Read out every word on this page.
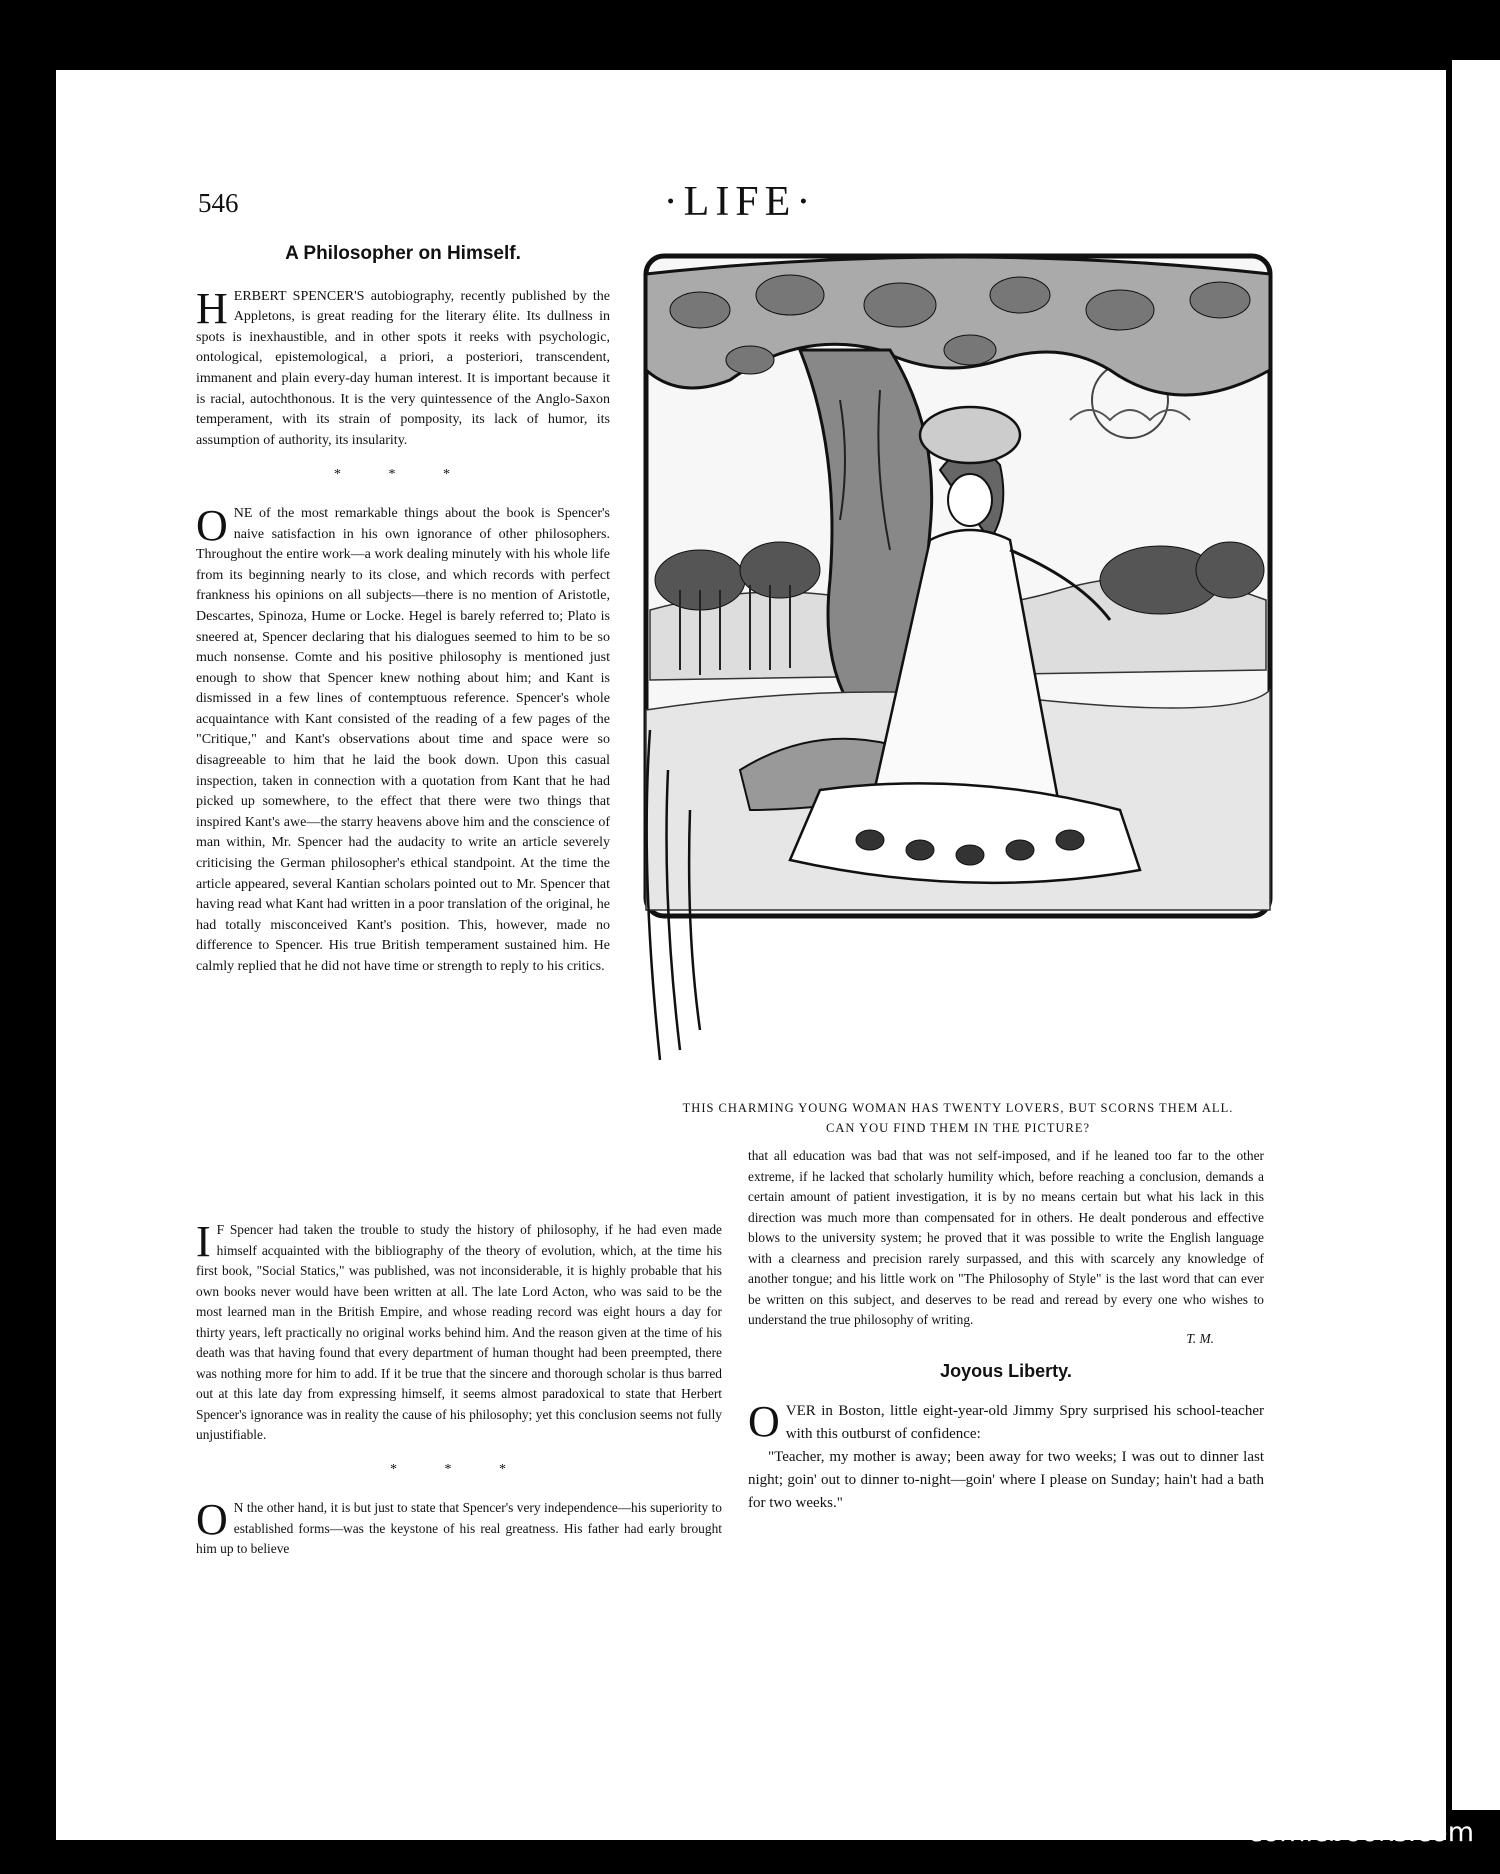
546	·LIFE·
A Philosopher on Himself.

HERBERT SPENCER'S autobiography, recently published by the Appletons, is great reading for the literary élite. Its dullness in spots is inexhaustible, and in other spots it reeks with psychologic, ontological, epistemological, a priori, a posteriori, transcendent, immanent and plain every-day human interest. It is important because it is racial, autochthonous. It is the very quintessence of the Anglo-Saxon temperament, with its strain of pomposity, its lack of humor, its assumption of authority, its insularity.

* * *

ONE of the most remarkable things about the book is Spencer's naive satisfaction in his own ignorance of other philosophers. Throughout the entire work—a work dealing minutely with his whole life from its beginning nearly to its close, and which records with perfect frankness his opinions on all subjects—there is no mention of Aristotle, Descartes, Spinoza, Hume or Locke. Hegel is barely referred to; Plato is sneered at, Spencer declaring that his dialogues seemed to him to be so much nonsense. Comte and his positive philosophy is mentioned just enough to show that Spencer knew nothing about him; and Kant is dismissed in a few lines of contemptuous reference. Spencer's whole acquaintance with Kant consisted of the reading of a few pages of the "Critique," and Kant's observations about time and space were so disagreeable to him that he laid the book down. Upon this casual inspection, taken in connection with a quotation from Kant that he had picked up somewhere, to the effect that there were two things that inspired Kant's awe—the starry heavens above him and the conscience of man within, Mr. Spencer had the audacity to write an article severely criticising the German philosopher's ethical standpoint. At the time the article appeared, several Kantian scholars pointed out to Mr. Spencer that having read what Kant had written in a poor translation of the original, he had totally misconceived Kant's position. This, however, made no difference to Spencer. His true British temperament sustained him. He calmly replied that he did not have time or strength to reply to his critics.

THIS CHARMING YOUNG WOMAN HAS TWENTY LOVERS, BUT SCORNS THEM ALL.
CAN YOU FIND THEM IN THE PICTURE?

I F Spencer had taken the trouble to study the history of philosophy, if he had even made himself acquainted with the bibliography of the theory of evolution, which, at the time his first book, "Social Statics," was published, was not inconsiderable, it is highly probable that his own books never would have been written at all. The late Lord Acton, who was said to be the most learned man in the British Empire, and whose reading record was eight hours a day for thirty years, left practically no original works behind him. And the reason given at the time of his death was that having found that every department of human thought had been preempted, there was nothing more for him to add. If it be true that the sincere and thorough scholar is thus barred out at this late day from expressing himself, it seems almost paradoxical to state that Herbert Spencer's ignorance was in reality the cause of his philosophy; yet this conclusion seems not fully unjustifiable.

* * *

O N the other hand, it is but just to state that Spencer's very independence—his superiority to established forms—was the keystone of his real greatness. His father had early brought him up to believe

that all education was bad that was not self-imposed, and if he leaned too far to the other extreme, if he lacked that scholarly humility which, before reaching a conclusion, demands a certain amount of patient investigation, it is by no means certain but what his lack in this direction was much more than compensated for in others. He dealt ponderous and effective blows to the university system; he proved that it was possible to write the English language with a clearness and precision rarely surpassed, and this with scarcely any knowledge of another tongue; and his little work on "The Philosophy of Style" is the last word that can ever be written on this subject, and deserves to be read and reread by every one who wishes to understand the true philosophy of writing.

T. M.
Joyous Liberty.

OVER in Boston, little eight-year-old Jimmy Spry surprised his school-teacher with this outburst of confidence:

"Teacher, my mother is away; been away for two weeks; I was out to dinner last night; goin' out to dinner to-night—goin' where I please on Sunday; hain't had a bath for two weeks."

comicbooks.com
